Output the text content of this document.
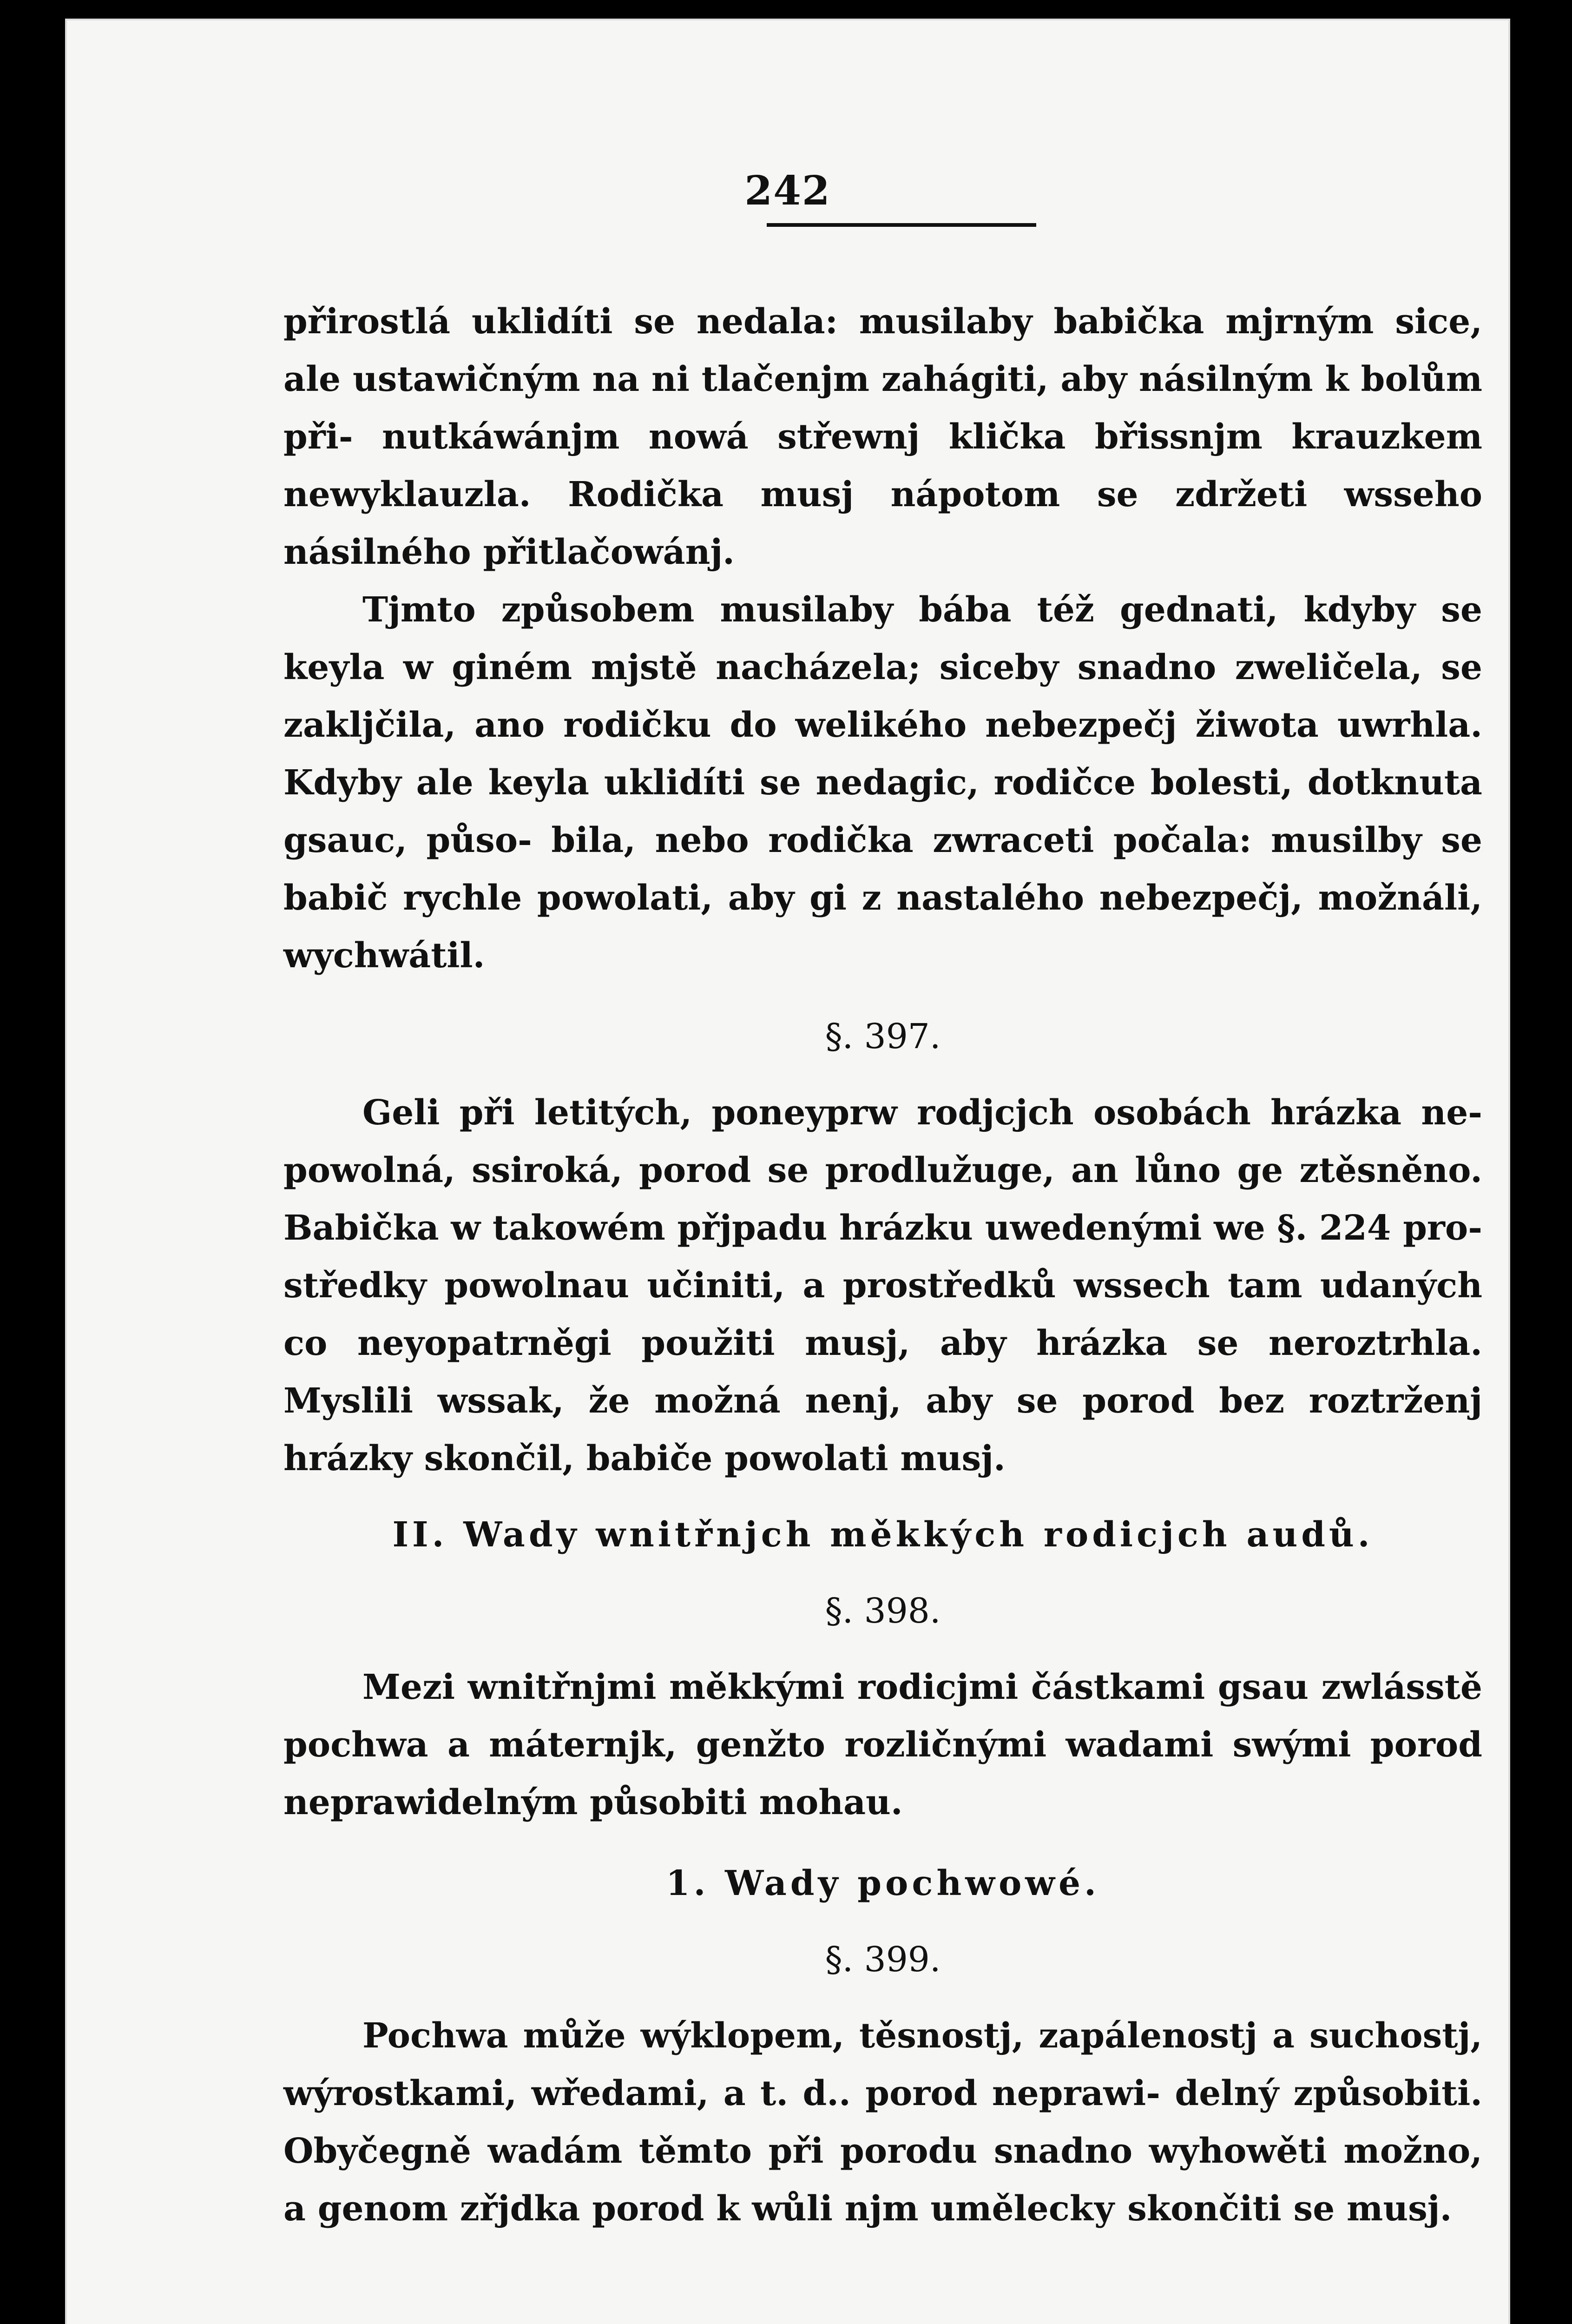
242

přirostlá uklidíti se nedala: musilaby babička mjrným sice, ale ustawičným na ni tlačenjm zahágiti, aby násilným k bolům při- nutkáwánjm nowá střewnj klička břissnjm krauzkem newyklauzla. Rodička musj nápotom se zdržeti wsseho násilného přitlačowánj.

Tjmto způsobem musilaby bába též gednati, kdyby se keyla w giném mjstě nacházela; siceby snadno zwelіčela, se zakljčila, ano rodičku do welikého nebezpečj žiwota uwrhla. Kdyby ale keyla uklidíti se nedagic, rodičce bolesti, dotknuta gsauc, půso- bila, nebo rodička zwraceti počala: musilby se babič rychle powolati, aby gi z nastalého nebezpečj, možnáli, wychwátil.

§. 397.

Geli při letitých, poneyprw rodjcjch osobách hrázka ne- powolná, ssiroká, porod se prodlužuge, an lůno ge ztěsněno. Babička w takowém přjpadu hrázku uwedenými we §. 224 pro- středky powolnau učiniti, a prostředků wssech tam udaných co neyopatrněgi použiti musj, aby hrázka se neroztrhla. Myslili wssak, že možná nenj, aby se porod bez roztrženj hrázky skončil, babiče powolati musj.

II. Wady wnitřnjch měkkých rodicjch audů.

§. 398.

Mezi wnitřnjmi měkkými rodicjmi částkami gsau zwlásstě pochwa a máternjk, genžto rozličnými wadami swými porod neprawidelným působiti mohau.

1. Wady pochwowé.

§. 399.

Pochwa může wýklopem, těsnostj, zapálenostj a suchostj, wýrostkami, wředami, a t. d.. porod neprawi- delný způsobiti. Obyčegně wadám těmto při porodu snadno wyhowěti možno, a genom zřjdka porod k wůli njm uměleckу skončiti se musj.
